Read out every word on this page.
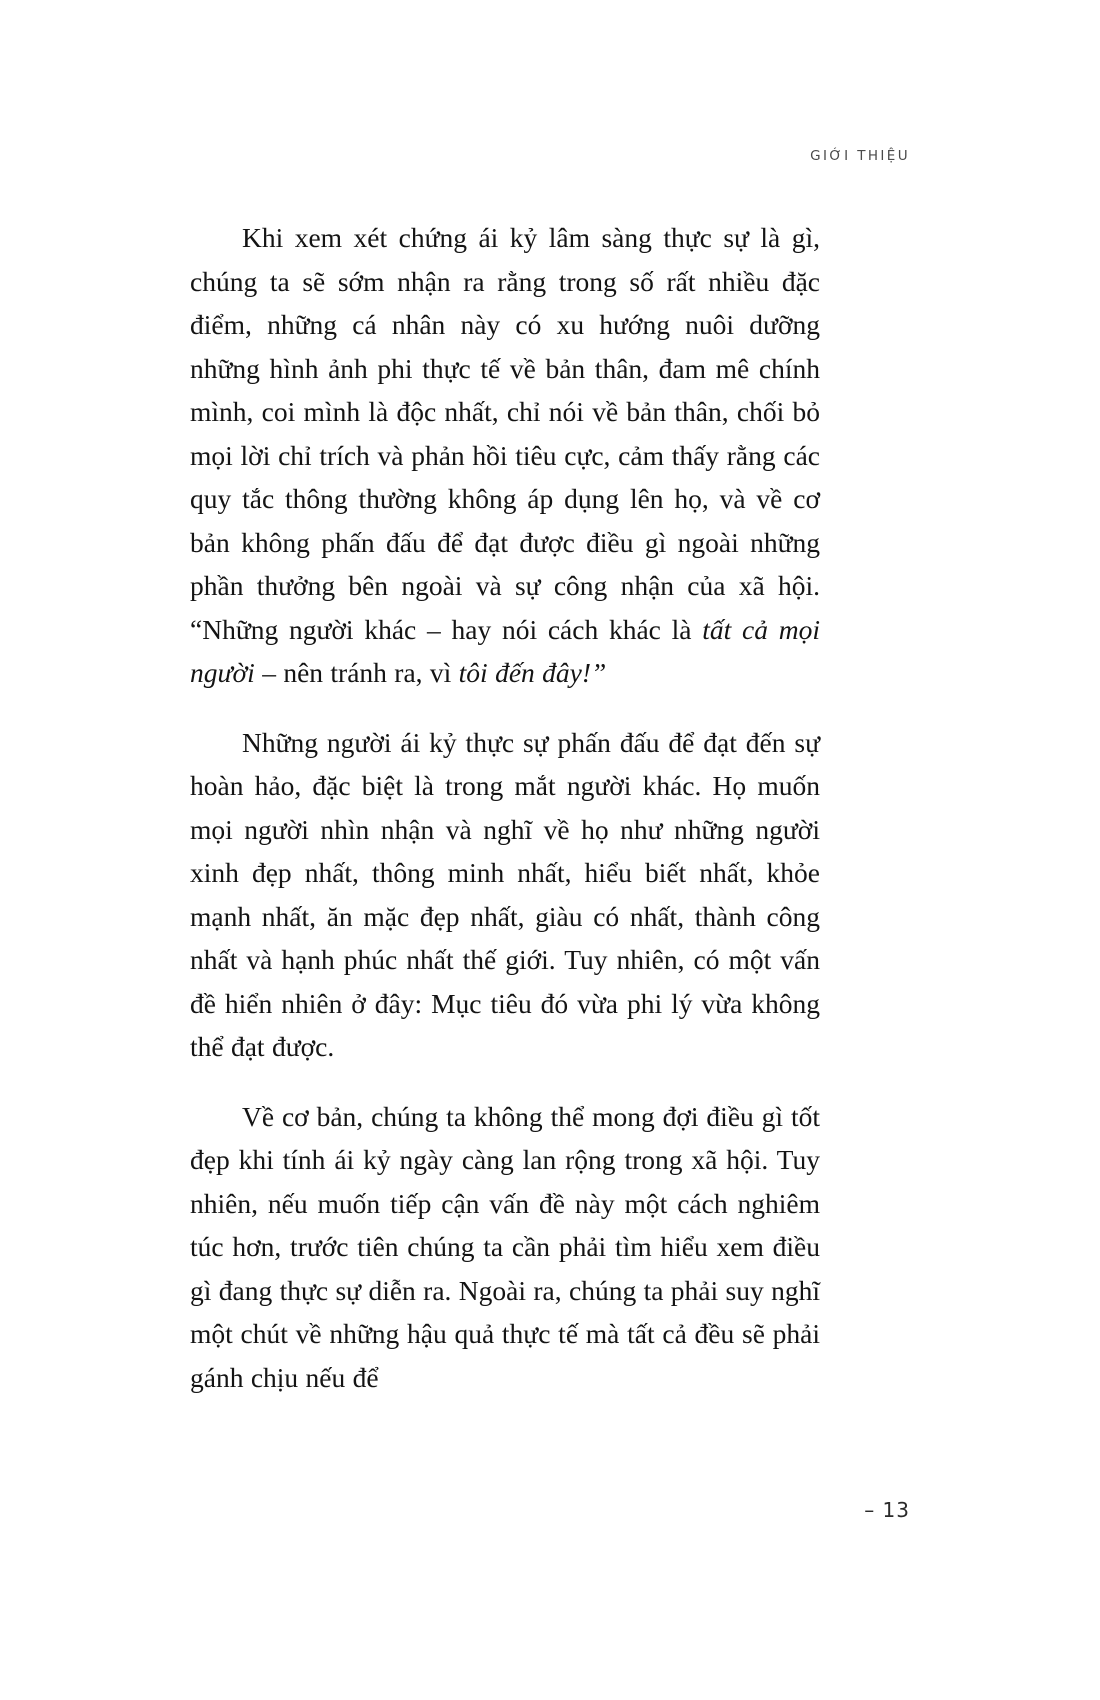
GIỚI THIỆU

Khi xem xét chứng ái kỷ lâm sàng thực sự là gì, chúng ta sẽ sớm nhận ra rằng trong số rất nhiều đặc điểm, những cá nhân này có xu hướng nuôi dưỡng những hình ảnh phi thực tế về bản thân, đam mê chính mình, coi mình là độc nhất, chỉ nói về bản thân, chối bỏ mọi lời chỉ trích và phản hồi tiêu cực, cảm thấy rằng các quy tắc thông thường không áp dụng lên họ, và về cơ bản không phấn đấu để đạt được điều gì ngoài những phần thưởng bên ngoài và sự công nhận của xã hội. “Những người khác – hay nói cách khác là tất cả mọi người – nên tránh ra, vì tôi đến đây!”

Những người ái kỷ thực sự phấn đấu để đạt đến sự hoàn hảo, đặc biệt là trong mắt người khác. Họ muốn mọi người nhìn nhận và nghĩ về họ như những người xinh đẹp nhất, thông minh nhất, hiểu biết nhất, khỏe mạnh nhất, ăn mặc đẹp nhất, giàu có nhất, thành công nhất và hạnh phúc nhất thế giới. Tuy nhiên, có một vấn đề hiển nhiên ở đây: Mục tiêu đó vừa phi lý vừa không thể đạt được.

Về cơ bản, chúng ta không thể mong đợi điều gì tốt đẹp khi tính ái kỷ ngày càng lan rộng trong xã hội. Tuy nhiên, nếu muốn tiếp cận vấn đề này một cách nghiêm túc hơn, trước tiên chúng ta cần phải tìm hiểu xem điều gì đang thực sự diễn ra. Ngoài ra, chúng ta phải suy nghĩ một chút về những hậu quả thực tế mà tất cả đều sẽ phải gánh chịu nếu để

– 13
